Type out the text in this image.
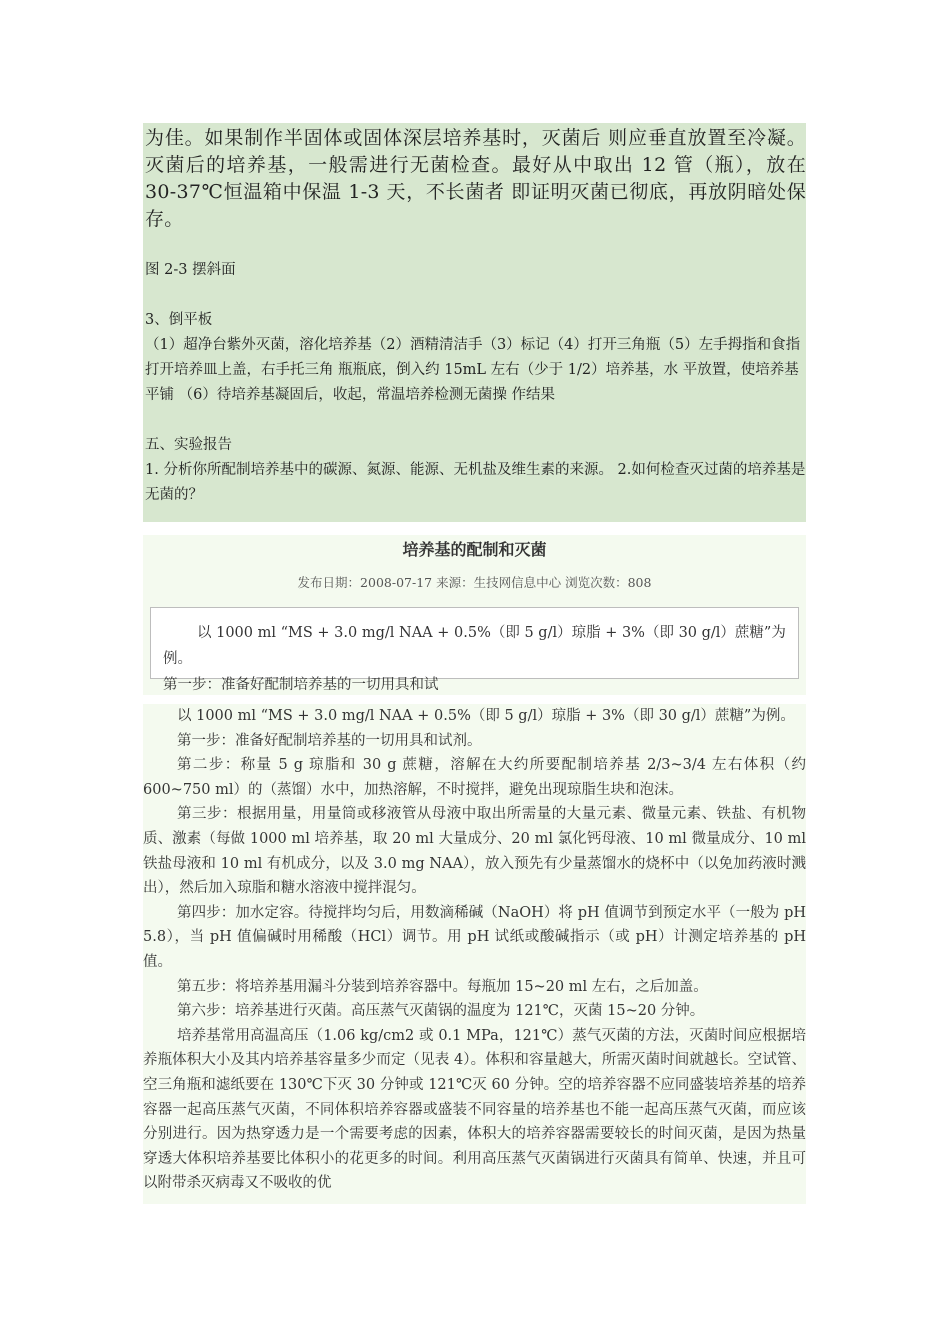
为佳。如果制作半固体或固体深层培养基时，灭菌后 则应垂直放置至冷凝。灭菌后的培养基，一般需进行无菌检查。最好从中取出 12 管（瓶），放在 30-37℃恒温箱中保温 1-3 天，不长菌者 即证明灭菌已彻底，再放阴暗处保存。

图 2-3 摆斜面

3、倒平板

（1）超净台紫外灭菌，溶化培养基（2）酒精清洁手（3）标记（4）打开三角瓶（5）左手拇指和食指打开培养皿上盖，右手托三角 瓶瓶底，倒入约 15mL 左右（少于 1/2）培养基，水 平放置，使培养基平铺 （6）待培养基凝固后，收起，常温培养检测无菌操 作结果

五、实验报告

1. 分析你所配制培养基中的碳源、氮源、能源、无机盐及维生素的来源。 2.如何检查灭过菌的培养基是无菌的？

培养基的配制和灭菌
发布日期：2008-07-17 来源：生技网信息中心 浏览次数：808

以 1000 ml “MS + 3.0 mg/l NAA + 0.5%（即 5 g/l）琼脂 + 3%（即 30 g/l）蔗糖”为例。

第一步：准备好配制培养基的一切用具和试

以 1000 ml “MS + 3.0 mg/l NAA + 0.5%（即 5 g/l）琼脂 + 3%（即 30 g/l）蔗糖”为例。

第一步：准备好配制培养基的一切用具和试剂。

第二步：称量 5 g 琼脂和 30 g 蔗糖，溶解在大约所要配制培养基 2/3~3/4 左右体积（约 600~750 ml）的（蒸馏）水中，加热溶解，不时搅拌，避免出现琼脂生块和泡沫。

第三步：根据用量，用量筒或移液管从母液中取出所需量的大量元素、微量元素、铁盐、有机物质、激素（每做 1000 ml 培养基，取 20 ml 大量成分、20 ml 氯化钙母液、10 ml 微量成分、10 ml 铁盐母液和 10 ml 有机成分，以及 3.0 mg NAA），放入预先有少量蒸馏水的烧杯中（以免加药液时溅出），然后加入琼脂和糖水溶液中搅拌混匀。

第四步：加水定容。待搅拌均匀后，用数滴稀碱（NaOH）将 pH 值调节到预定水平（一般为 pH 5.8），当 pH 值偏碱时用稀酸（HCl）调节。用 pH 试纸或酸碱指示（或 pH）计测定培养基的 pH 值。

第五步：将培养基用漏斗分装到培养容器中。每瓶加 15~20 ml 左右，之后加盖。

第六步：培养基进行灭菌。高压蒸气灭菌锅的温度为 121℃，灭菌 15~20 分钟。

培养基常用高温高压（1.06 kg/cm2 或 0.1 MPa，121℃）蒸气灭菌的方法，灭菌时间应根据培养瓶体积大小及其内培养基容量多少而定（见表 4）。体积和容量越大，所需灭菌时间就越长。空试管、空三角瓶和滤纸要在 130℃下灭 30 分钟或 121℃灭 60 分钟。空的培养容器不应同盛装培养基的培养容器一起高压蒸气灭菌，不同体积培养容器或盛装不同容量的培养基也不能一起高压蒸气灭菌，而应该分别进行。因为热穿透力是一个需要考虑的因素，体积大的培养容器需要较长的时间灭菌，是因为热量穿透大体积培养基要比体积小的花更多的时间。利用高压蒸气灭菌锅进行灭菌具有简单、快速，并且可以附带杀灭病毒又不吸收的优
